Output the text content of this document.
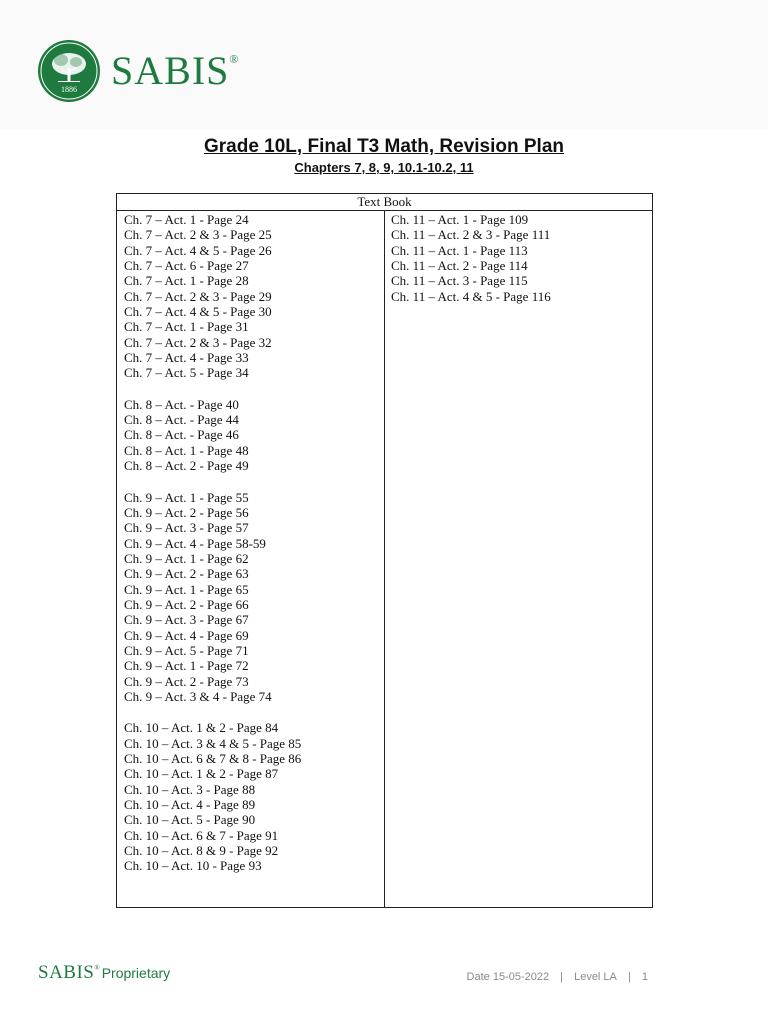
1886 SABIS®
Grade 10L, Final T3 Math, Revision Plan
Chapters 7, 8, 9, 10.1-10.2, 11
Text Book
Ch. 7 – Act. 1 - Page 24
Ch. 7 – Act. 2 & 3 - Page 25
Ch. 7 – Act. 4 & 5 - Page 26
Ch. 7 – Act. 6 - Page 27
Ch. 7 – Act. 1 - Page 28
Ch. 7 – Act. 2 & 3 - Page 29
Ch. 7 – Act. 4 & 5 - Page 30
Ch. 7 – Act. 1 - Page 31
Ch. 7 – Act. 2 & 3 - Page 32
Ch. 7 – Act. 4 - Page 33
Ch. 7 – Act. 5 - Page 34
Ch. 8 – Act. - Page 40
Ch. 8 – Act. - Page 44
Ch. 8 – Act. - Page 46
Ch. 8 – Act. 1 - Page 48
Ch. 8 – Act. 2 - Page 49
Ch. 9 – Act. 1 - Page 55
Ch. 9 – Act. 2 - Page 56
Ch. 9 – Act. 3 - Page 57
Ch. 9 – Act. 4 - Page 58-59
Ch. 9 – Act. 1 - Page 62
Ch. 9 – Act. 2 - Page 63
Ch. 9 – Act. 1 - Page 65
Ch. 9 – Act. 2 - Page 66
Ch. 9 – Act. 3 - Page 67
Ch. 9 – Act. 4 - Page 69
Ch. 9 – Act. 5 - Page 71
Ch. 9 – Act. 1 - Page 72
Ch. 9 – Act. 2 - Page 73
Ch. 9 – Act. 3 & 4 - Page 74
Ch. 10 – Act. 1 & 2 - Page 84
Ch. 10 – Act. 3 & 4 & 5 - Page 85
Ch. 10 – Act. 6 & 7 & 8 - Page 86
Ch. 10 – Act. 1 & 2 - Page 87
Ch. 10 – Act. 3 - Page 88
Ch. 10 – Act. 4 - Page 89
Ch. 10 – Act. 5 - Page 90
Ch. 10 – Act. 6 & 7 - Page 91
Ch. 10 – Act. 8 & 9 - Page 92
Ch. 10 – Act. 10 - Page 93
Ch. 11 – Act. 1 - Page 109
Ch. 11 – Act. 2 & 3 - Page 111
Ch. 11 – Act. 1 - Page 113
Ch. 11 – Act. 2 - Page 114
Ch. 11 – Act. 3 - Page 115
Ch. 11 – Act. 4 & 5 - Page 116
SABIS ® Proprietary	Date 15-05-2022 | Level LA | 1
